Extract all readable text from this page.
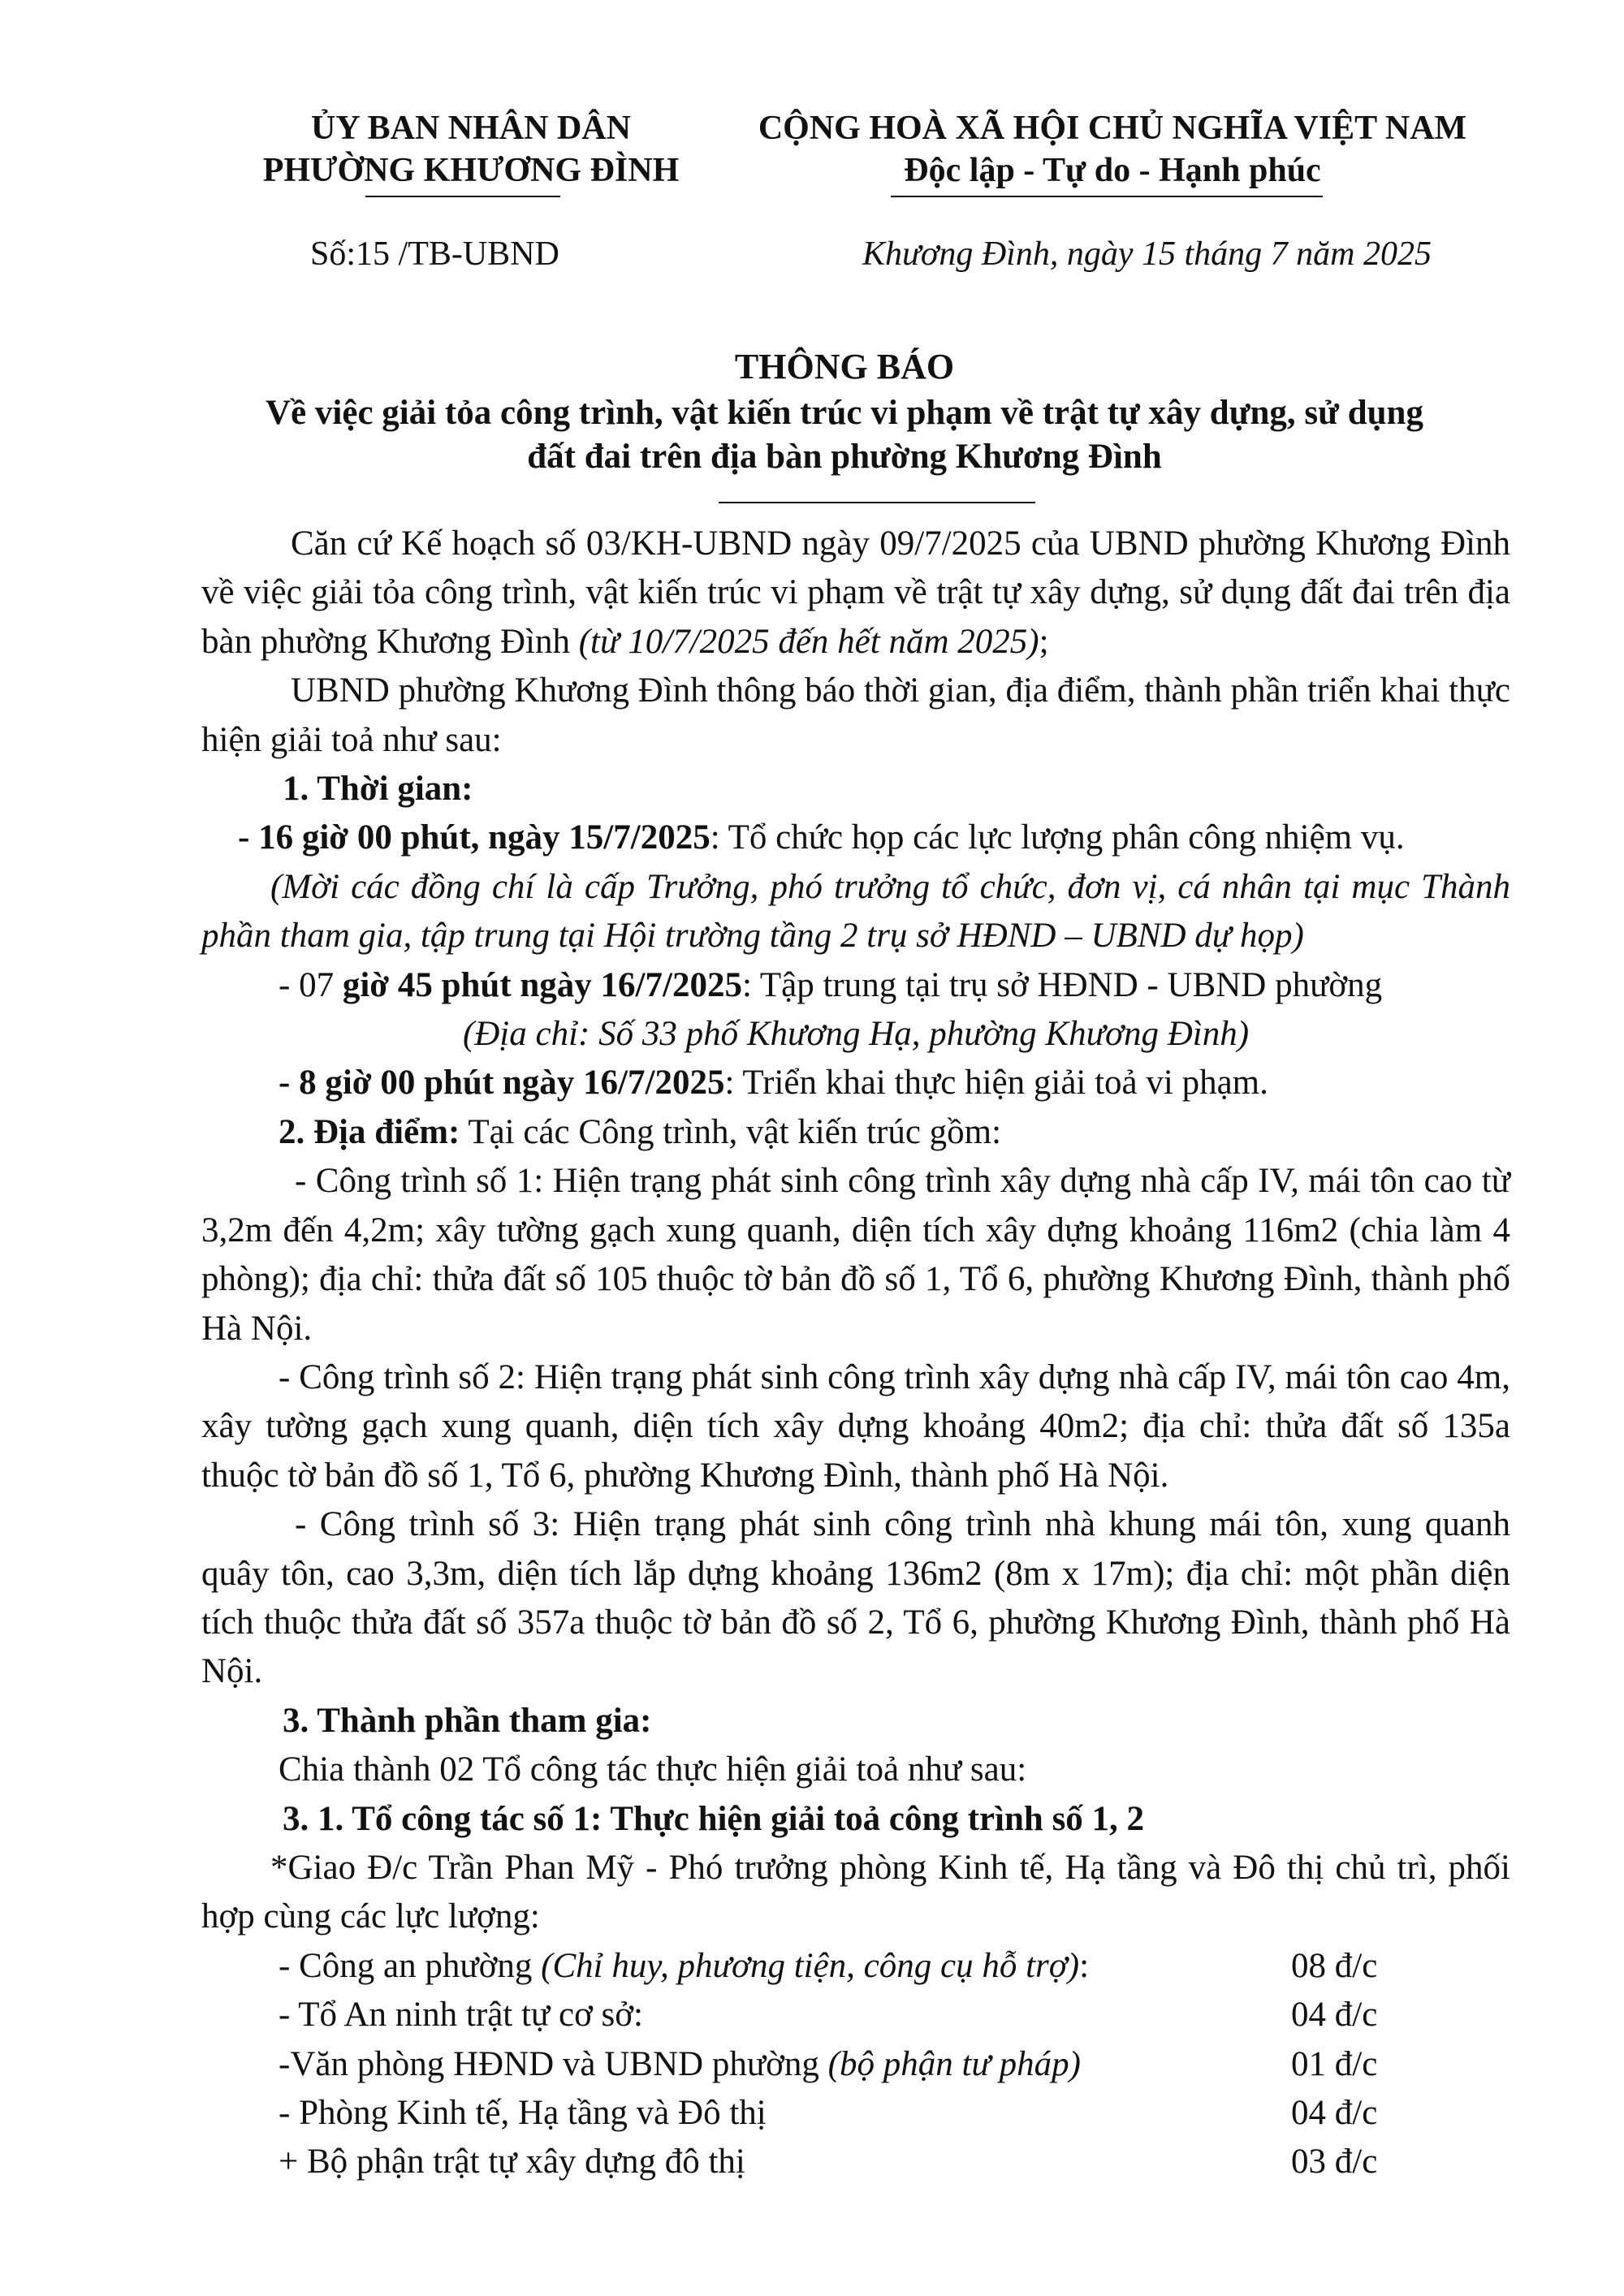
ỦY BAN NHÂN DÂN
PHƯỜNG KHƯƠNG ĐÌNH
CỘNG HOÀ XÃ HỘI CHỦ NGHĨA VIỆT NAM
Độc lập - Tự do - Hạnh phúc
Số:15 /TB-UBND	Khương Đình, ngày 15 tháng 7 năm 2025
THÔNG BÁO
Về việc giải tỏa công trình, vật kiến trúc vi phạm về trật tự xây dựng, sử dụng
đất đai trên địa bàn phường Khương Đình

Căn cứ Kế hoạch số 03/KH-UBND ngày 09/7/2025 của UBND phường Khương Đình về việc giải tỏa công trình, vật kiến trúc vi phạm về trật tự xây dựng, sử dụng đất đai trên địa bàn phường Khương Đình (từ 10/7/2025 đến hết năm 2025);

UBND phường Khương Đình thông báo thời gian, địa điểm, thành phần triển khai thực hiện giải toả như sau:

1. Thời gian:

- 16 giờ 00 phút, ngày 15/7/2025: Tổ chức họp các lực lượng phân công nhiệm vụ.

(Mời các đồng chí là cấp Trưởng, phó trưởng tổ chức, đơn vị, cá nhân tại mục Thành phần tham gia, tập trung tại Hội trường tầng 2 trụ sở HĐND – UBND dự họp)

- 07 giờ 45 phút ngày 16/7/2025: Tập trung tại trụ sở HĐND - UBND phường

(Địa chỉ: Số 33 phố Khương Hạ, phường Khương Đình)

- 8 giờ 00 phút ngày 16/7/2025: Triển khai thực hiện giải toả vi phạm.

2. Địa điểm: Tại các Công trình, vật kiến trúc gồm:

- Công trình số 1: Hiện trạng phát sinh công trình xây dựng nhà cấp IV, mái tôn cao từ 3,2m đến 4,2m; xây tường gạch xung quanh, diện tích xây dựng khoảng 116m2 (chia làm 4 phòng); địa chỉ: thửa đất số 105 thuộc tờ bản đồ số 1, Tổ 6, phường Khương Đình, thành phố Hà Nội.

- Công trình số 2: Hiện trạng phát sinh công trình xây dựng nhà cấp IV, mái tôn cao 4m, xây tường gạch xung quanh, diện tích xây dựng khoảng 40m2; địa chỉ: thửa đất số 135a thuộc tờ bản đồ số 1, Tổ 6, phường Khương Đình, thành phố Hà Nội.

- Công trình số 3: Hiện trạng phát sinh công trình nhà khung mái tôn, xung quanh quây tôn, cao 3,3m, diện tích lắp dựng khoảng 136m2 (8m x 17m); địa chỉ: một phần diện tích thuộc thửa đất số 357a thuộc tờ bản đồ số 2, Tổ 6, phường Khương Đình, thành phố Hà Nội.

3. Thành phần tham gia:

Chia thành 02 Tổ công tác thực hiện giải toả như sau:

3. 1. Tổ công tác số 1: Thực hiện giải toả công trình số 1, 2

*Giao Đ/c Trần Phan Mỹ - Phó trưởng phòng Kinh tế, Hạ tầng và Đô thị chủ trì, phối hợp cùng các lực lượng:

- Công an phường (Chỉ huy, phương tiện, công cụ hỗ trợ):	08 đ/c
- Tổ An ninh trật tự cơ sở:	04 đ/c
-Văn phòng HĐND và UBND phường (bộ phận tư pháp)	01 đ/c
- Phòng Kinh tế, Hạ tầng và Đô thị	04 đ/c
+ Bộ phận trật tự xây dựng đô thị	03 đ/c
